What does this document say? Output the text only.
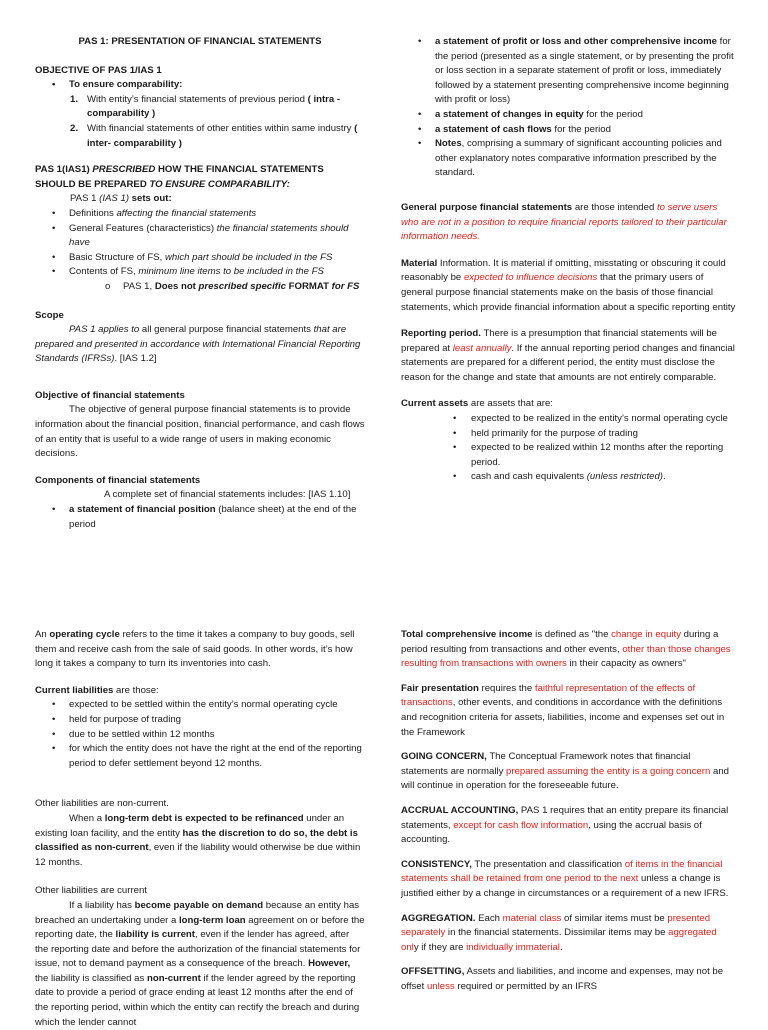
PAS 1: PRESENTATION OF FINANCIAL STATEMENTS

OBJECTIVE OF PAS 1/IAS 1

• To ensure comparability:
1. With entity’s financial statements of previous period ( intra - comparability )
2. With financial statements of other entities within same industry ( inter- comparability )

PAS 1(IAS1) PRESCRIBED HOW THE FINANCIAL STATEMENTS SHOULD BE PREPARED TO ENSURE COMPARABILITY:

PAS 1 (IAS 1) sets out:

• Definitions affecting the financial statements
• General Features (characteristics) the financial statements should have
• Basic Structure of FS, which part should be included in the FS
• Contents of FS, minimum line items to be included in the FS
o PAS 1, Does not prescribed specific FORMAT for FS

Scope

PAS 1 applies to all general purpose financial statements that are prepared and presented in accordance with International Financial Reporting Standards (IFRSs). [IAS 1.2]

Objective of financial statements

The objective of general purpose financial statements is to provide information about the financial position, financial performance, and cash flows of an entity that is useful to a wide range of users in making economic decisions.

Components of financial statements

A complete set of financial statements includes: [IAS 1.10]

• a statement of financial position (balance sheet) at the end of the period
• a statement of profit or loss and other comprehensive income for the period (presented as a single statement, or by presenting the profit or loss section in a separate statement of profit or loss, immediately followed by a statement presenting comprehensive income beginning with profit or loss)
• a statement of changes in equity for the period
• a statement of cash flows for the period
• Notes, comprising a summary of significant accounting policies and other explanatory notes comparative information prescribed by the standard.

General purpose financial statements are those intended to serve users who are not in a position to require financial reports tailored to their particular information needs.

Material Information. It is material if omitting, misstating or obscuring it could reasonably be expected to influence decisions that the primary users of general purpose financial statements make on the basis of those financial statements, which provide financial information about a specific reporting entity

Reporting period. There is a presumption that financial statements will be prepared at least annually. If the annual reporting period changes and financial statements are prepared for a different period, the entity must disclose the reason for the change and state that amounts are not entirely comparable.

Current assets are assets that are:

• expected to be realized in the entity’s normal operating cycle
• held primarily for the purpose of trading
• expected to be realized within 12 months after the reporting period.
• cash and cash equivalents (unless restricted).

An operating cycle refers to the time it takes a company to buy goods, sell them and receive cash from the sale of said goods. In other words, it’s how long it takes a company to turn its inventories into cash.

Current liabilities are those:

• expected to be settled within the entity’s normal operating cycle
• held for purpose of trading
• due to be settled within 12 months
• for which the entity does not have the right at the end of the reporting period to defer settlement beyond 12 months.

Other liabilities are non-current.

When a long-term debt is expected to be refinanced under an existing loan facility, and the entity has the discretion to do so, the debt is classified as non-current, even if the liability would otherwise be due within 12 months.

Other liabilities are current

If a liability has become payable on demand because an entity has breached an undertaking under a long-term loan agreement on or before the reporting date, the liability is current, even if the lender has agreed, after the reporting date and before the authorization of the financial statements for issue, not to demand payment as a consequence of the breach. However, the liability is classified as non-current if the lender agreed by the reporting date to provide a period of grace ending at least 12 months after the end of the reporting period, within which the entity can rectify the breach and during which the lender cannot

Total comprehensive income is defined as "the change in equity during a period resulting from transactions and other events, other than those changes resulting from transactions with owners in their capacity as owners"

Fair presentation requires the faithful representation of the effects of transactions, other events, and conditions in accordance with the definitions and recognition criteria for assets, liabilities, income and expenses set out in the Framework

GOING CONCERN, The Conceptual Framework notes that financial statements are normally prepared assuming the entity is a going concern and will continue in operation for the foreseeable future.

ACCRUAL ACCOUNTING, PAS 1 requires that an entity prepare its financial statements, except for cash flow information, using the accrual basis of accounting.

CONSISTENCY, The presentation and classification of items in the financial statements shall be retained from one period to the next unless a change is justified either by a change in circumstances or a requirement of a new IFRS.

AGGREGATION. Each material class of similar items must be presented separately in the financial statements. Dissimilar items may be aggregated only if they are individually immaterial.

OFFSETTING, Assets and liabilities, and income and expenses, may not be offset unless required or permitted by an IFRS
